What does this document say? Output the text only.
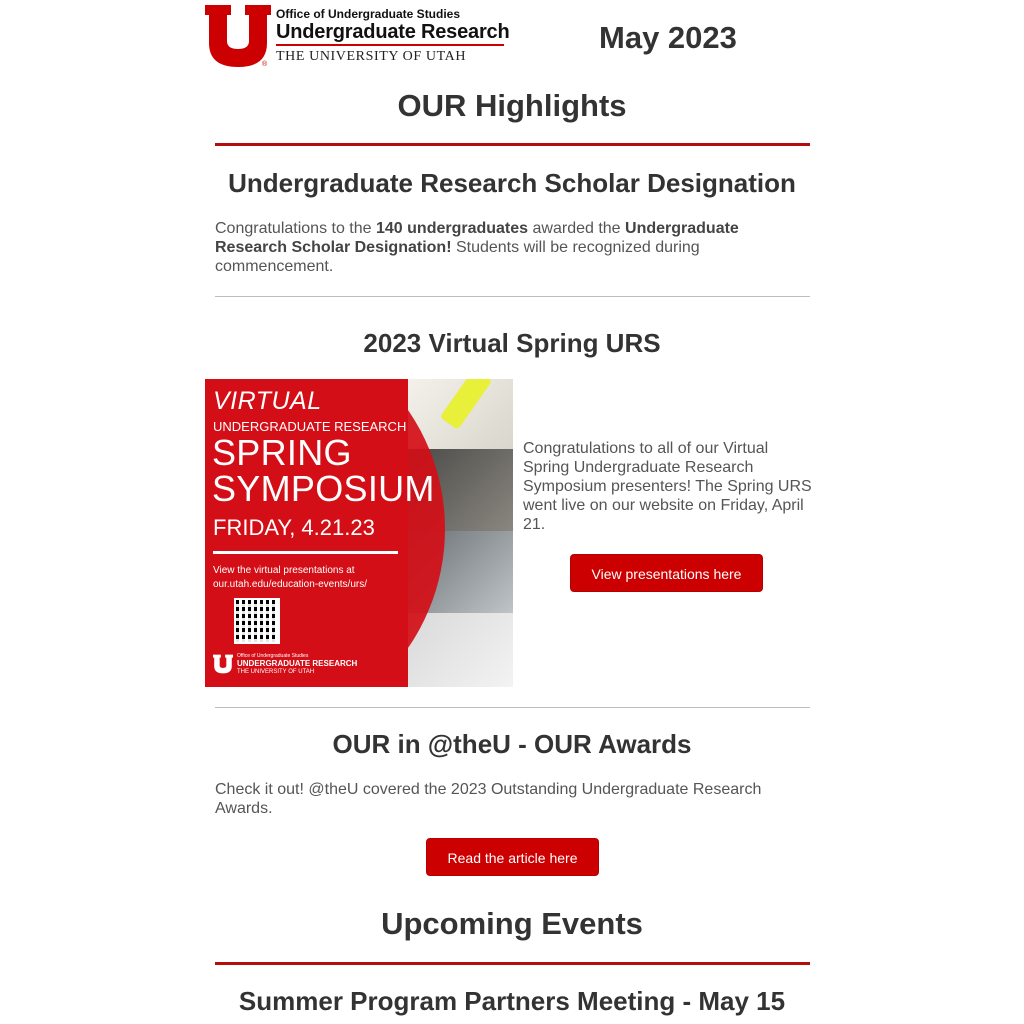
®
Office of Undergraduate Studies
Undergraduate Research
THE UNIVERSITY OF UTAH
May 2023
OUR Highlights
Undergraduate Research Scholar Designation

Congratulations to the 140 undergraduates awarded the Undergraduate Research Scholar Designation! Students will be recognized during commencement.

2023 Virtual Spring URS
VIRTUAL
UNDERGRADUATE RESEARCH
SPRING
SYMPOSIUM
FRIDAY, 4.21.23
View the virtual presentations at
our.utah.edu/education-events/urs/
Office of Undergraduate Studies
UNDERGRADUATE RESEARCH
THE UNIVERSITY OF UTAH

Congratulations to all of our Virtual Spring Undergraduate Research Symposium presenters! The Spring URS went live on our website on Friday, April 21.

View presentations here
OUR in @theU - OUR Awards

Check it out! @theU covered the 2023 Outstanding Undergraduate Research Awards.

Read the article here
Upcoming Events
Summer Program Partners Meeting - May 15
